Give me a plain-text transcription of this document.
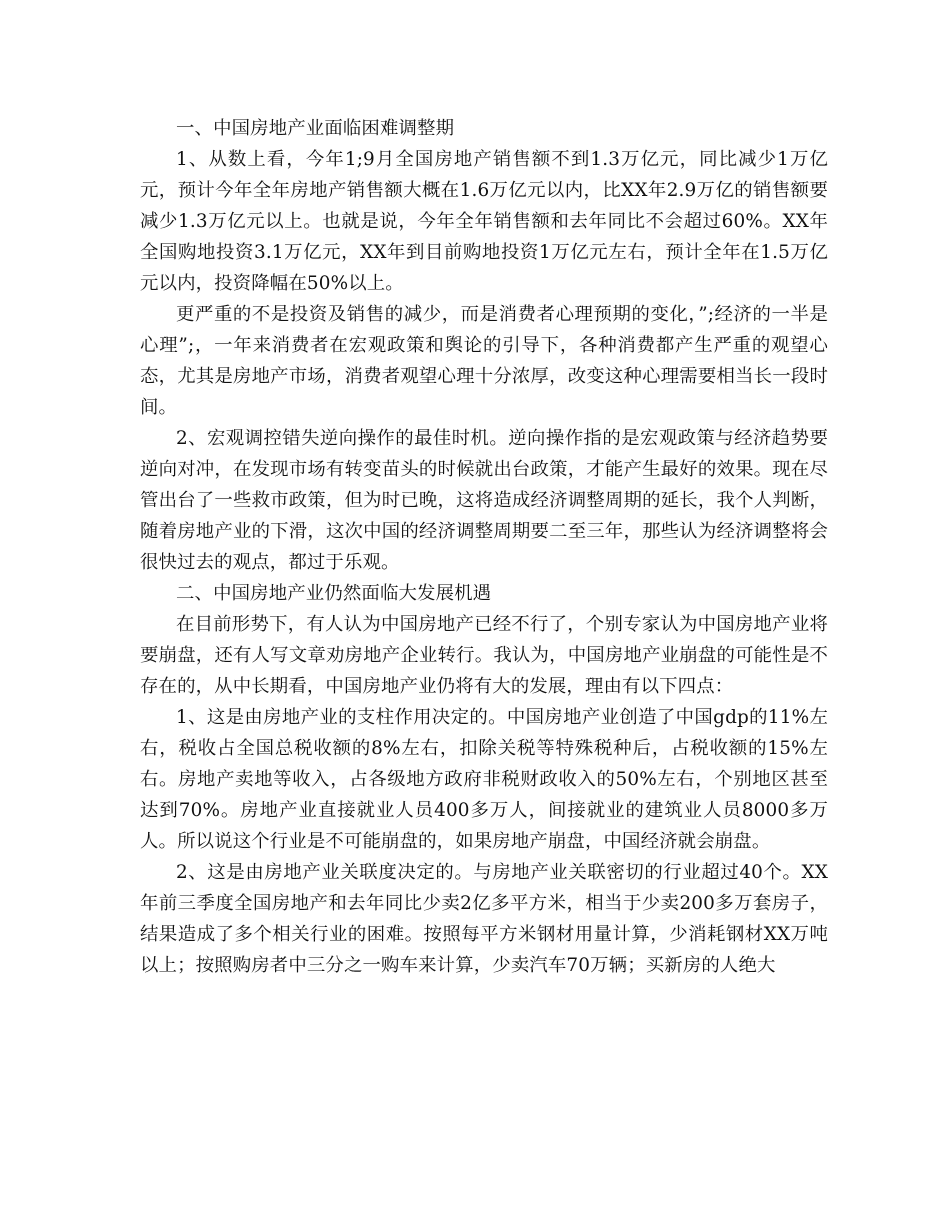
一、中国房地产业面临困难调整期

1、从数上看，今年1;9月全国房地产销售额不到1.3万亿元，同比减少1万亿元，预计今年全年房地产销售额大概在1.6万亿元以内，比XX年2.9万亿的销售额要减少1.3万亿元以上。也就是说，今年全年销售额和去年同比不会超过60%。XX年全国购地投资3.1万亿元，XX年到目前购地投资1万亿元左右，预计全年在1.5万亿元以内，投资降幅在50%以上。

更严重的不是投资及销售的减少，而是消费者心理预期的变化，”;经济的一半是心理”;，一年来消费者在宏观政策和舆论的引导下，各种消费都产生严重的观望心态，尤其是房地产市场，消费者观望心理十分浓厚，改变这种心理需要相当长一段时间。

2、宏观调控错失逆向操作的最佳时机。逆向操作指的是宏观政策与经济趋势要逆向对冲，在发现市场有转变苗头的时候就出台政策，才能产生最好的效果。现在尽管出台了一些救市政策，但为时已晚，这将造成经济调整周期的延长，我个人判断，随着房地产业的下滑，这次中国的经济调整周期要二至三年，那些认为经济调整将会很快过去的观点，都过于乐观。

二、中国房地产业仍然面临大发展机遇

在目前形势下，有人认为中国房地产已经不行了，个别专家认为中国房地产业将要崩盘，还有人写文章劝房地产企业转行。我认为，中国房地产业崩盘的可能性是不存在的，从中长期看，中国房地产业仍将有大的发展，理由有以下四点：

1、这是由房地产业的支柱作用决定的。中国房地产业创造了中国gdp的11%左右，税收占全国总税收额的8%左右，扣除关税等特殊税种后，占税收额的15%左右。房地产卖地等收入，占各级地方政府非税财政收入的50%左右，个别地区甚至达到70%。房地产业直接就业人员400多万人，间接就业的建筑业人员8000多万人。所以说这个行业是不可能崩盘的，如果房地产崩盘，中国经济就会崩盘。

2、这是由房地产业关联度决定的。与房地产业关联密切的行业超过40个。XX年前三季度全国房地产和去年同比少卖2亿多平方米，相当于少卖200多万套房子，结果造成了多个相关行业的困难。按照每平方米钢材用量计算，少消耗钢材XX万吨以上；按照购房者中三分之一购车来计算，少卖汽车70万辆；买新房的人绝大
